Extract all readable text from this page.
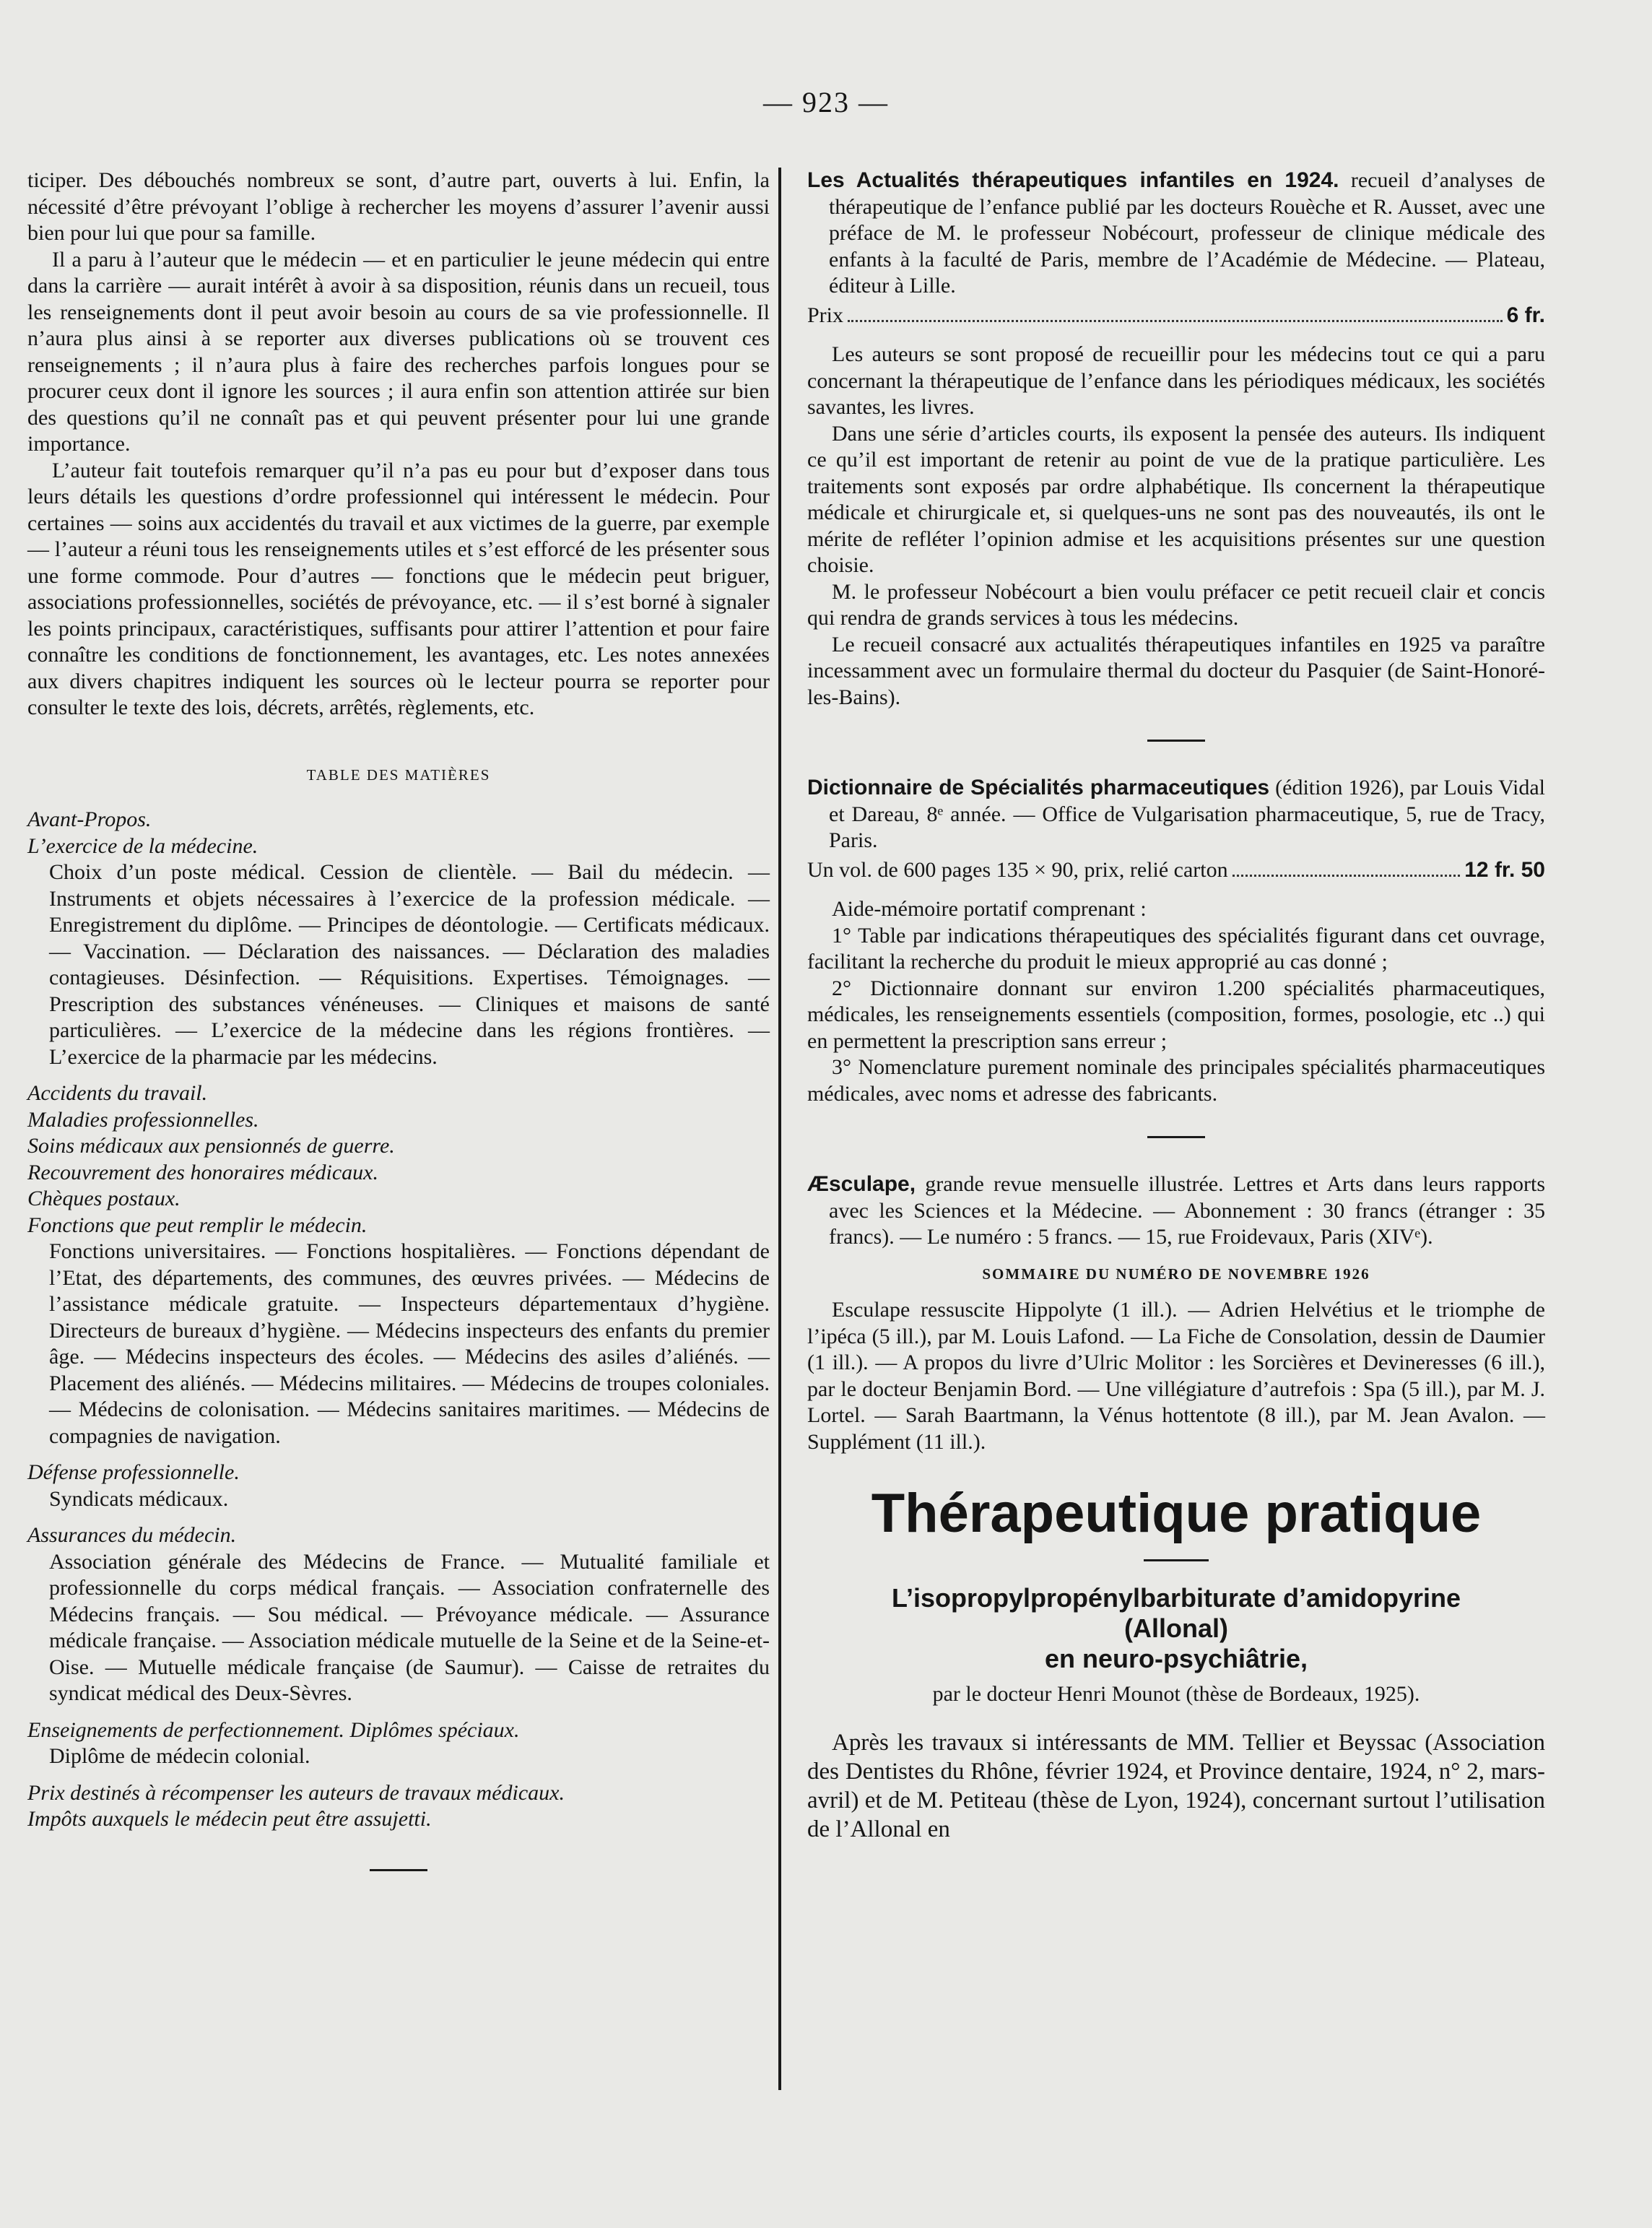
— 923 —

ticiper. Des débouchés nombreux se sont, d’autre part, ouverts à lui. Enfin, la nécessité d’être prévoyant l’oblige à rechercher les moyens d’assurer l’avenir aussi bien pour lui que pour sa famille.

Il a paru à l’auteur que le médecin — et en particulier le jeune médecin qui entre dans la carrière — aurait intérêt à avoir à sa disposition, réunis dans un recueil, tous les renseignements dont il peut avoir besoin au cours de sa vie professionnelle. Il n’aura plus ainsi à se reporter aux diverses publications où se trouvent ces renseignements ; il n’aura plus à faire des recherches parfois longues pour se procurer ceux dont il ignore les sources ; il aura enfin son attention attirée sur bien des questions qu’il ne connaît pas et qui peuvent présenter pour lui une grande importance.

L’auteur fait toutefois remarquer qu’il n’a pas eu pour but d’exposer dans tous leurs détails les questions d’ordre professionnel qui intéressent le médecin. Pour certaines — soins aux accidentés du travail et aux victimes de la guerre, par exemple — l’auteur a réuni tous les renseignements utiles et s’est efforcé de les présenter sous une forme commode. Pour d’autres — fonctions que le médecin peut briguer, associations professionnelles, sociétés de prévoyance, etc. — il s’est borné à signaler les points principaux, caractéristiques, suffisants pour attirer l’attention et pour faire connaître les conditions de fonctionnement, les avantages, etc. Les notes annexées aux divers chapitres indiquent les sources où le lecteur pourra se reporter pour consulter le texte des lois, décrets, arrêtés, règlements, etc.

TABLE DES MATIÈRES

Avant-Propos.

L’exercice de la médecine.

Choix d’un poste médical. Cession de clientèle. — Bail du médecin. — Instruments et objets nécessaires à l’exercice de la profession médicale. — Enregistrement du diplôme. — Principes de déontologie. — Certificats médicaux. — Vaccination. — Déclaration des naissances. — Déclaration des maladies contagieuses. Désinfection. — Réquisitions. Expertises. Témoignages. — Prescription des substances vénéneuses. — Cliniques et maisons de santé particulières. — L’exercice de la médecine dans les régions frontières. — L’exercice de la pharmacie par les médecins.

Accidents du travail.

Maladies professionnelles.

Soins médicaux aux pensionnés de guerre.

Recouvrement des honoraires médicaux.

Chèques postaux.

Fonctions que peut remplir le médecin.

Fonctions universitaires. — Fonctions hospitalières. — Fonctions dépendant de l’Etat, des départements, des communes, des œuvres privées. — Médecins de l’assistance médicale gratuite. — Inspecteurs départementaux d’hygiène. Directeurs de bureaux d’hygiène. — Médecins inspecteurs des enfants du premier âge. — Médecins inspecteurs des écoles. — Médecins des asiles d’aliénés. — Placement des aliénés. — Médecins militaires. — Médecins de troupes coloniales. — Médecins de colonisation. — Médecins sanitaires maritimes. — Médecins de compagnies de navigation.

Défense professionnelle.

Syndicats médicaux.

Assurances du médecin.

Association générale des Médecins de France. — Mutualité familiale et professionnelle du corps médical français. — Association confraternelle des Médecins français. — Sou médical. — Prévoyance médicale. — Assurance médicale française. — Association médicale mutuelle de la Seine et de la Seine-et-Oise. — Mutuelle médicale française (de Saumur). — Caisse de retraites du syndicat médical des Deux-Sèvres.

Enseignements de perfectionnement. Diplômes spéciaux.

Diplôme de médecin colonial.

Prix destinés à récompenser les auteurs de travaux médicaux.

Impôts auxquels le médecin peut être assujetti.

Les Actualités thérapeutiques infantiles en 1924. recueil d’analyses de thérapeutique de l’enfance publié par les docteurs Rouèche et R. Ausset, avec une préface de M. le professeur Nobécourt, professeur de clinique médicale des enfants à la faculté de Paris, membre de l’Académie de Médecine. — Plateau, éditeur à Lille.

Prix	6 fr.

Les auteurs se sont proposé de recueillir pour les médecins tout ce qui a paru concernant la thérapeutique de l’enfance dans les périodiques médicaux, les sociétés savantes, les livres.

Dans une série d’articles courts, ils exposent la pensée des auteurs. Ils indiquent ce qu’il est important de retenir au point de vue de la pratique particulière. Les traitements sont exposés par ordre alphabétique. Ils concernent la thérapeutique médicale et chirurgicale et, si quelques-uns ne sont pas des nouveautés, ils ont le mérite de refléter l’opinion admise et les acquisitions présentes sur une question choisie.

M. le professeur Nobécourt a bien voulu préfacer ce petit recueil clair et concis qui rendra de grands services à tous les médecins.

Le recueil consacré aux actualités thérapeutiques infantiles en 1925 va paraître incessamment avec un formulaire thermal du docteur du Pasquier (de Saint-Honoré-les-Bains).

Dictionnaire de Spécialités pharmaceutiques (édition 1926), par Louis Vidal et Dareau, 8ᵉ année. — Office de Vulgarisation pharmaceutique, 5, rue de Tracy, Paris.

Un vol. de 600 pages 135 × 90, prix, relié carton	12 fr. 50

Aide-mémoire portatif comprenant :

1° Table par indications thérapeutiques des spécialités figurant dans cet ouvrage, facilitant la recherche du produit le mieux approprié au cas donné ;

2° Dictionnaire donnant sur environ 1.200 spécialités pharmaceutiques, médicales, les renseignements essentiels (composition, formes, posologie, etc ..) qui en permettent la prescription sans erreur ;

3° Nomenclature purement nominale des principales spécialités pharmaceutiques médicales, avec noms et adresse des fabricants.

Æsculape, grande revue mensuelle illustrée. Lettres et Arts dans leurs rapports avec les Sciences et la Médecine. — Abonnement : 30 francs (étranger : 35 francs). — Le numéro : 5 francs. — 15, rue Froidevaux, Paris (XIVᵉ).

SOMMAIRE DU NUMÉRO DE NOVEMBRE 1926

Esculape ressuscite Hippolyte (1 ill.). — Adrien Helvétius et le triomphe de l’ipéca (5 ill.), par M. Louis Lafond. — La Fiche de Consolation, dessin de Daumier (1 ill.). — A propos du livre d’Ulric Molitor : les Sorcières et Devineresses (6 ill.), par le docteur Benjamin Bord. — Une villégiature d’autrefois : Spa (5 ill.), par M. J. Lortel. — Sarah Baartmann, la Vénus hottentote (8 ill.), par M. Jean Avalon. — Supplément (11 ill.).

Thérapeutique pratique
L’isopropylpropénylbarbiturate d’amidopyrine
(Allonal)
en neuro-psychiâtrie,
par le docteur Henri Mounot (thèse de Bordeaux, 1925).

Après les travaux si intéressants de MM. Tellier et Beyssac (Association des Dentistes du Rhône, février 1924, et Province dentaire, 1924, n° 2, mars-avril) et de M. Petiteau (thèse de Lyon, 1924), concernant surtout l’utilisation de l’Allonal en
